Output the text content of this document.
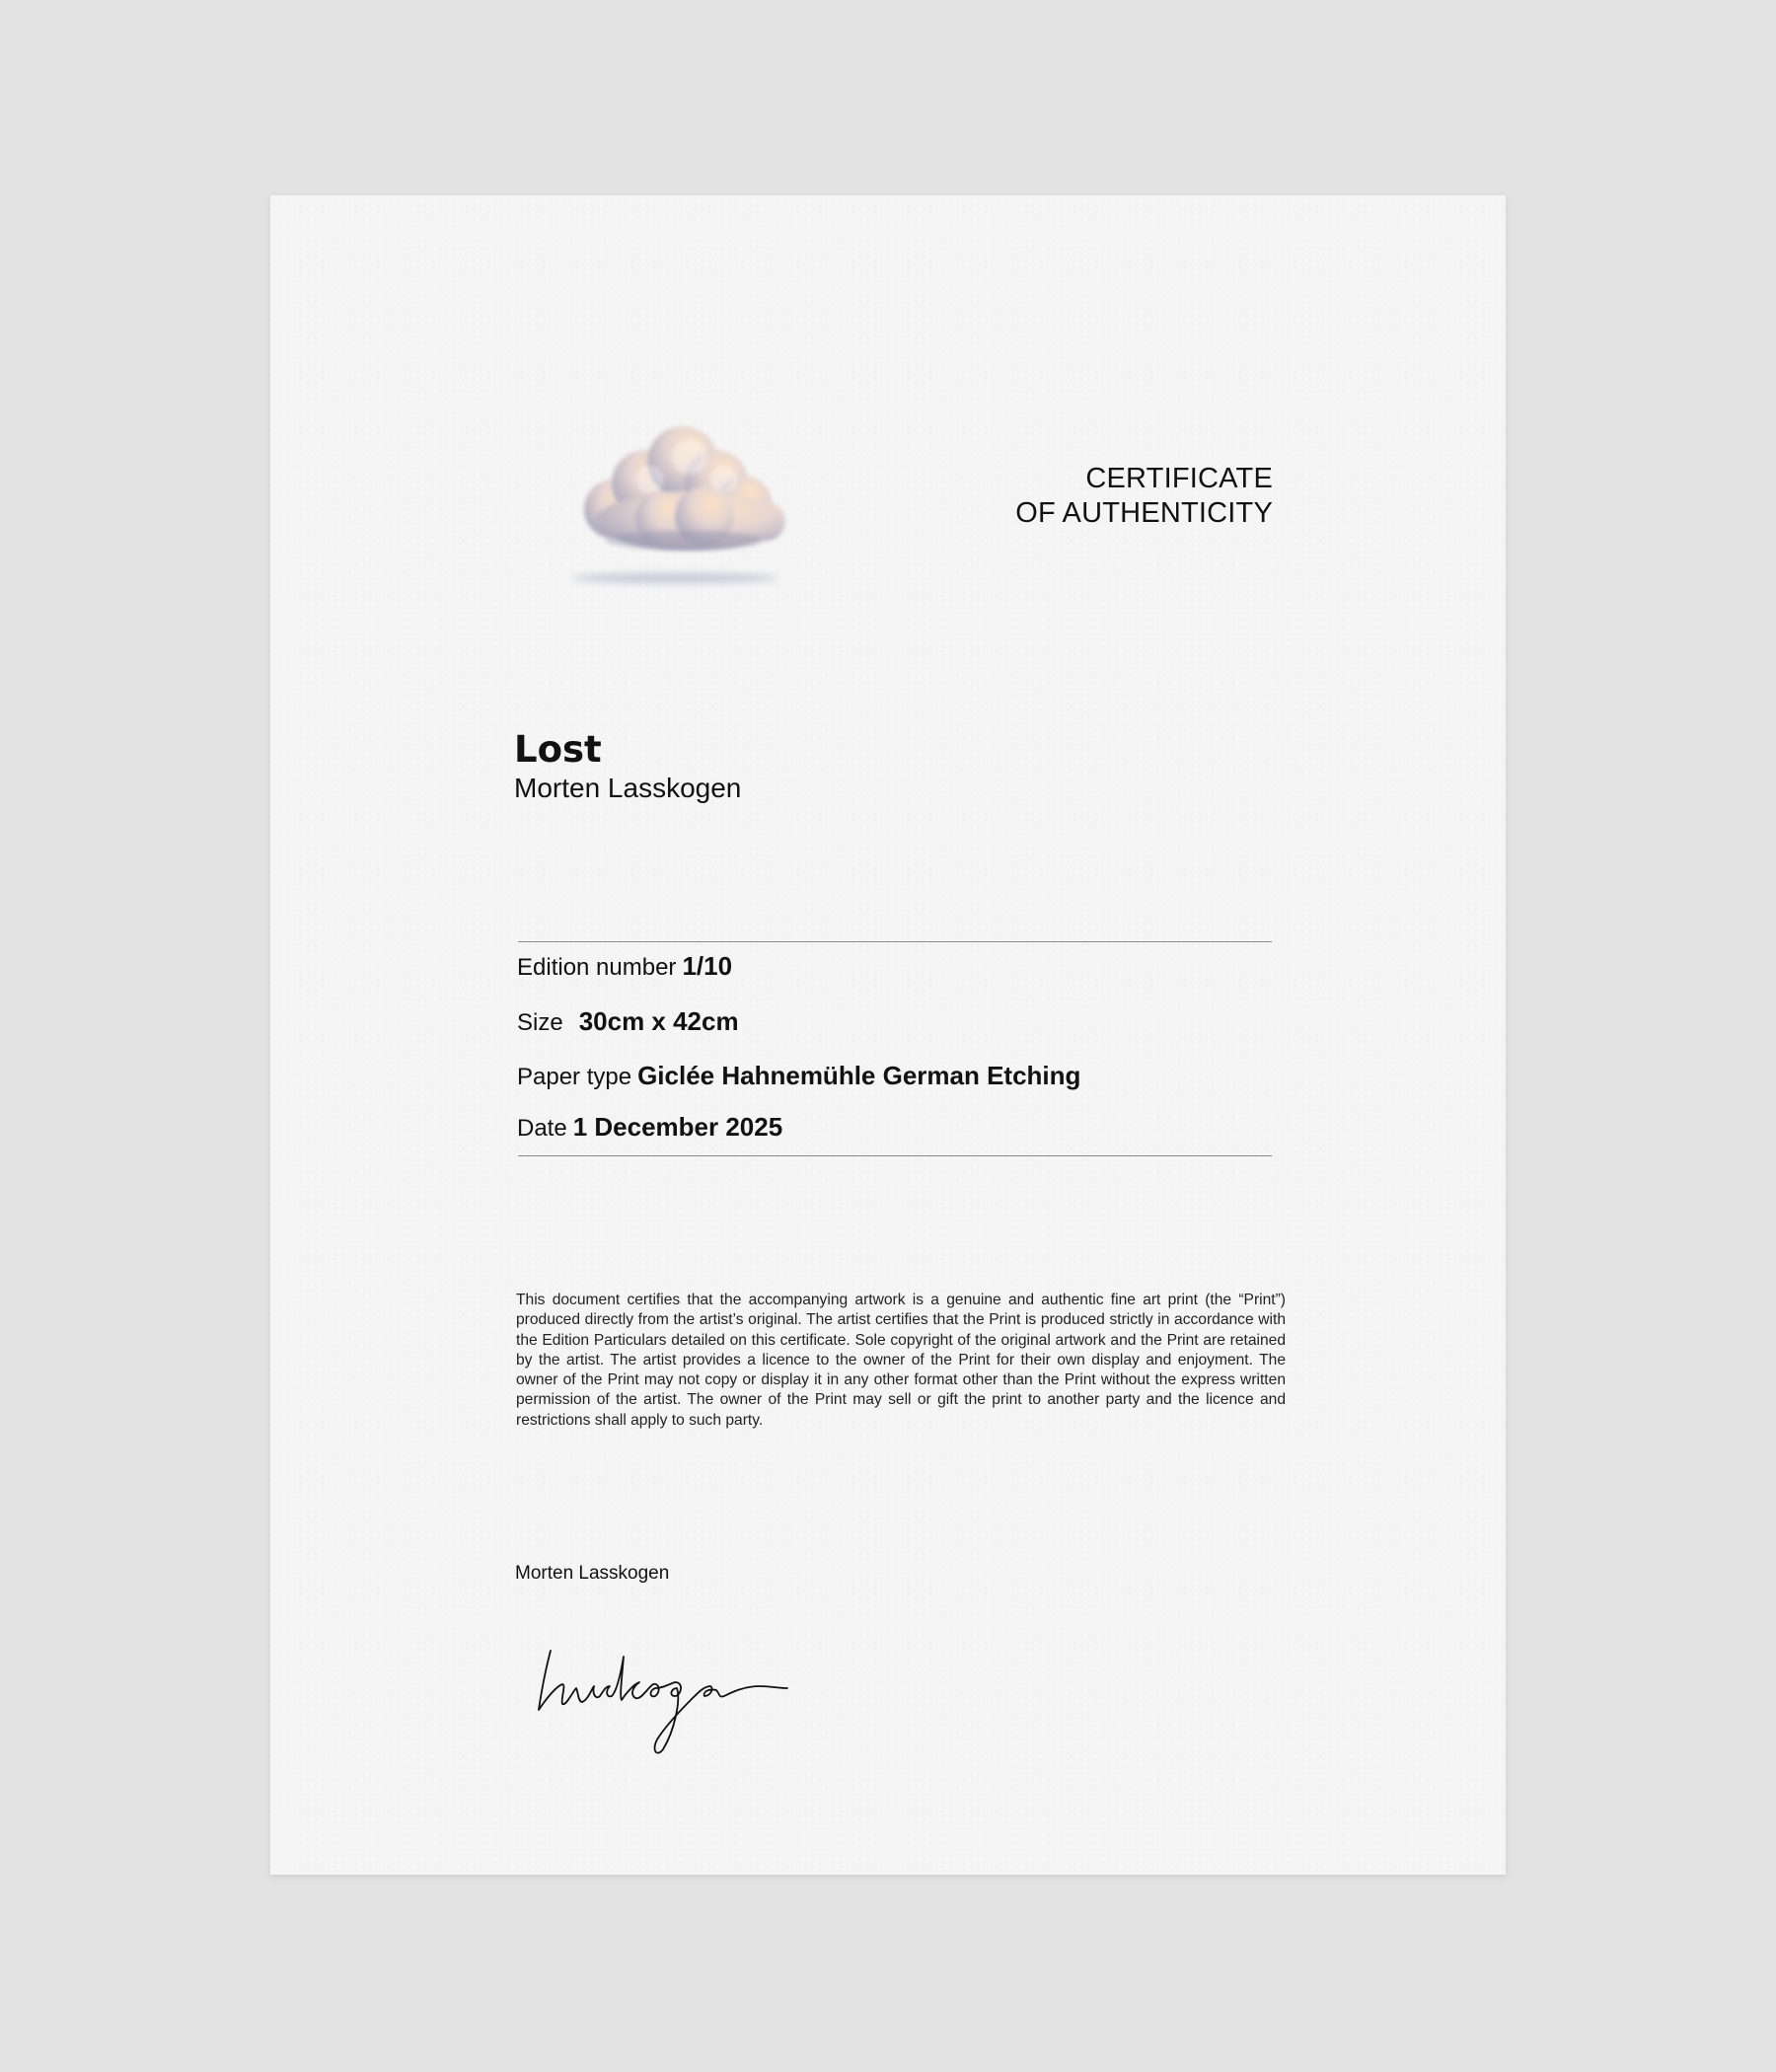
CERTIFICATE
OF AUTHENTICITY
Lost
Morten Lasskogen
Edition number 1/10
Size 30cm x 42cm
Paper type Giclée Hahnemühle German Etching
Date 1 December 2025

This document certifies that the accompanying artwork is a genuine and authentic fine art print (the “Print”) produced directly from the artist’s original. The artist certifies that the Print is produced strictly in accordance with the Edition Particulars detailed on this certificate. Sole copyright of the original artwork and the Print are retained by the artist. The artist provides a licence to the owner of the Print for their own display and enjoyment. The owner of the Print may not copy or display it in any other format other than the Print without the express written permission of the artist. The owner of the Print may sell or gift the print to another party and the licence and restrictions shall apply to such party.

Morten Lasskogen
